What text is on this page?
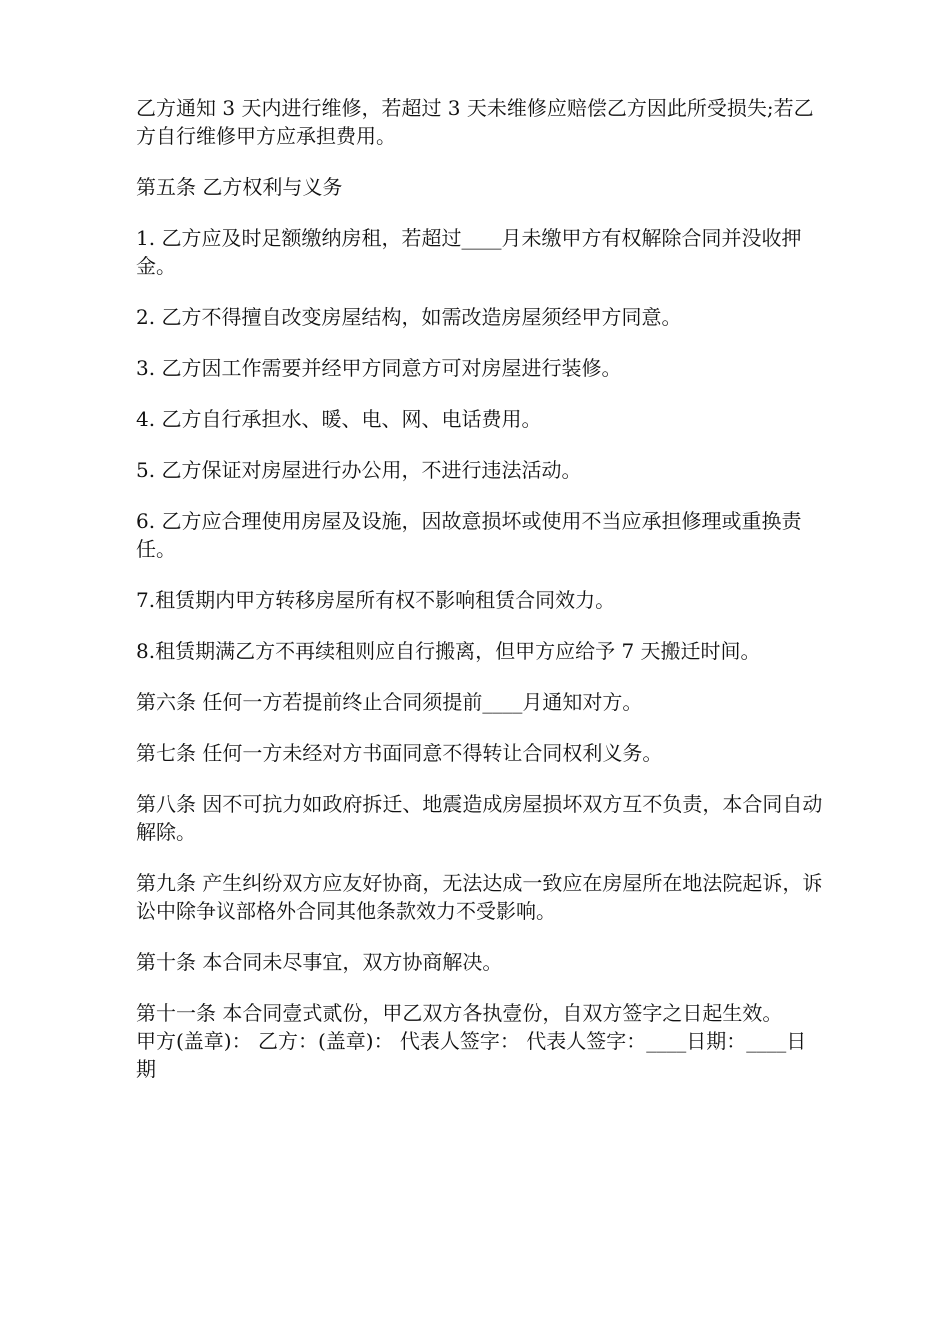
乙方通知 3 天内进行维修，若超过 3 天未维修应赔偿乙方因此所受损失;若乙方自行维修甲方应承担费用。

第五条 乙方权利与义务

1. 乙方应及时足额缴纳房租，若超过____月未缴甲方有权解除合同并没收押金。

2. 乙方不得擅自改变房屋结构，如需改造房屋须经甲方同意。

3. 乙方因工作需要并经甲方同意方可对房屋进行装修。

4. 乙方自行承担水、暖、电、网、电话费用。

5. 乙方保证对房屋进行办公用，不进行违法活动。

6. 乙方应合理使用房屋及设施，因故意损坏或使用不当应承担修理或重换责任。

7.租赁期内甲方转移房屋所有权不影响租赁合同效力。

8.租赁期满乙方不再续租则应自行搬离，但甲方应给予 7 天搬迁时间。

第六条 任何一方若提前终止合同须提前____月通知对方。

第七条 任何一方未经对方书面同意不得转让合同权利义务。

第八条 因不可抗力如政府拆迁、地震造成房屋损坏双方互不负责，本合同自动解除。

第九条 产生纠纷双方应友好协商，无法达成一致应在房屋所在地法院起诉，诉讼中除争议部格外合同其他条款效力不受影响。

第十条 本合同未尽事宜，双方协商解决。

第十一条 本合同壹式贰份，甲乙双方各执壹份，自双方签字之日起生效。

甲方(盖章)： 乙方：(盖章)： 代表人签字： 代表人签字：____日期：____日期
